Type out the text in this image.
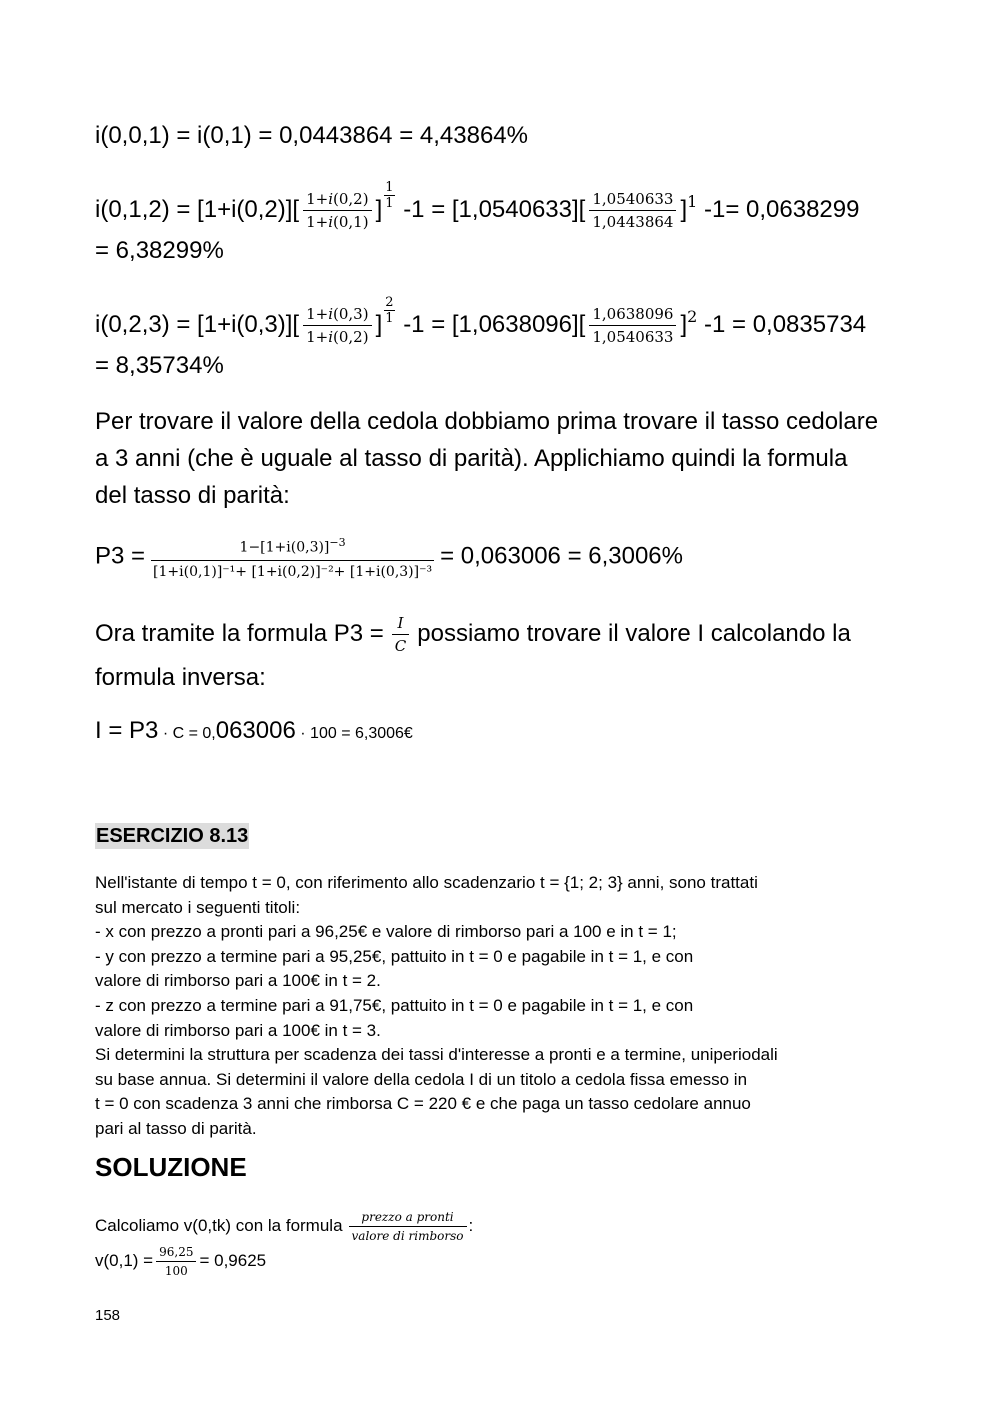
i(0,0,1) = i(0,1) = 0,0443864 = 4,43864%
$i(0,1,2) = [1+i(0,2)][ \frac{\text{1+𝑖(0,2)}}{\text{1+𝑖(0,1)}}$ ] $\frac{1}{1} -1 = [1,0540633][ \frac{1,0540633}{1,0443864} ]^1$ -1= 0,0638299
= 6,38299%
$i(0,2,3) = [1+i(0,3)][ \frac{\text{1+𝑖(0,3)}}{\text{1+𝑖(0,2)}}$ ] $\frac{2}{1} -1 = [1,0638096][ \frac{1,0638096}{1,0540633} ]^2$ -1 = 0,0835734
= 8,35734%
Per trovare il valore della cedola dobbiamo prima trovare il tasso cedolare
a 3 anni (che è uguale al tasso di parità). Applichiamo quindi la formula
del tasso di parità:
$P3 = \frac{1-[1+i(0,3)]^{-3}}{\text{[1+i(0,1)]⁻¹+ [1+i(0,2)]⁻²+ [1+i(0,3)]⁻³}} = 0,063006 = 6,3006\%$
Ora tramite la formula $P3 = \frac{\text{𝐼}}{\text{𝐶}}$ possiamo trovare il valore I calcolando la
formula inversa:
I = P3 · C = 0,063006 · 100 = 6,3006€
ESERCIZIO 8.13
Nell'istante di tempo t = 0, con riferimento allo scadenzario t = {1; 2; 3} anni, sono trattati
sul mercato i seguenti titoli:
- x con prezzo a pronti pari a 96,25€ e valore di rimborso pari a 100 e in t = 1;
- y con prezzo a termine pari a 95,25€, pattuito in t = 0 e pagabile in t = 1, e con
valore di rimborso pari a 100€ in t = 2.
- z con prezzo a termine pari a 91,75€, pattuito in t = 0 e pagabile in t = 1, e con
valore di rimborso pari a 100€ in t = 3.
Si determini la struttura per scadenza dei tassi d'interesse a pronti e a termine, uniperiodali
su base annua. Si determini il valore della cedola I di un titolo a cedola fissa emesso in
t = 0 con scadenza 3 anni che rimborsa C = 220 € e che paga un tasso cedolare annuo
pari al tasso di parità.
SOLUZIONE
Calcoliamo v(0,tk) con la formula $\frac{\text{prezzo a pronti}}{\text{valore di rimborso}}$ :
$v(0,1) = \frac{96,25}{100} = 0,9625$
158
